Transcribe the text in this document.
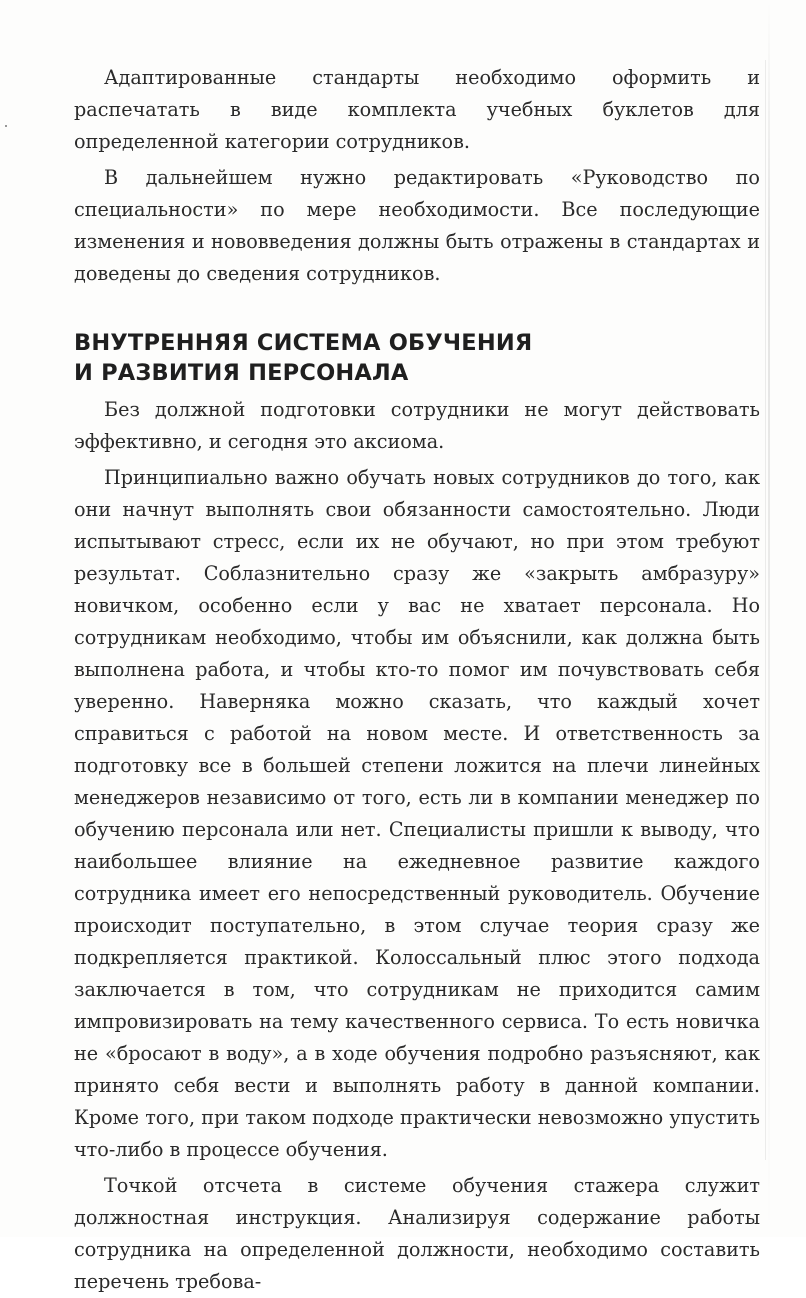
Адаптированные стандарты необходимо оформить и распечатать в виде комплекта учебных буклетов для определенной категории сотрудников.

В дальнейшем нужно редактировать «Руководство по специальности» по мере необходимости. Все последующие изменения и нововведения должны быть отражены в стандартах и доведены до сведения сотрудников.

ВНУТРЕННЯЯ СИСТЕМА ОБУЧЕНИЯ
И РАЗВИТИЯ ПЕРСОНАЛА

Без должной подготовки сотрудники не могут действовать эффективно, и сегодня это аксиома.

Принципиально важно обучать новых сотрудников до того, как они начнут выполнять свои обязанности самостоятельно. Люди испытывают стресс, если их не обучают, но при этом требуют результат. Соблазнительно сразу же «закрыть амбразуру» новичком, особенно если у вас не хватает персонала. Но сотрудникам необходимо, чтобы им объяснили, как должна быть выполнена работа, и чтобы кто-то помог им почувствовать себя уверенно. Наверняка можно сказать, что каждый хочет справиться с работой на новом месте. И ответственность за подготовку все в большей степени ложится на плечи линейных менеджеров независимо от того, есть ли в компании менеджер по обучению персонала или нет. Специалисты пришли к выводу, что наибольшее влияние на ежедневное развитие каждого сотрудника имеет его непосредственный руководитель. Обучение происходит поступательно, в этом случае теория сразу же подкрепляется практикой. Колоссальный плюс этого подхода заключается в том, что сотрудникам не приходится самим импровизировать на тему качественного сервиса. То есть новичка не «бросают в воду», а в ходе обучения подробно разъясняют, как принято себя вести и выполнять работу в данной компании. Кроме того, при таком подходе практически невозможно упустить что-либо в процессе обучения.

Точкой отсчета в системе обучения стажера служит должностная инструкция. Анализируя содержание работы сотрудника на определенной должности, необходимо составить перечень требова-
